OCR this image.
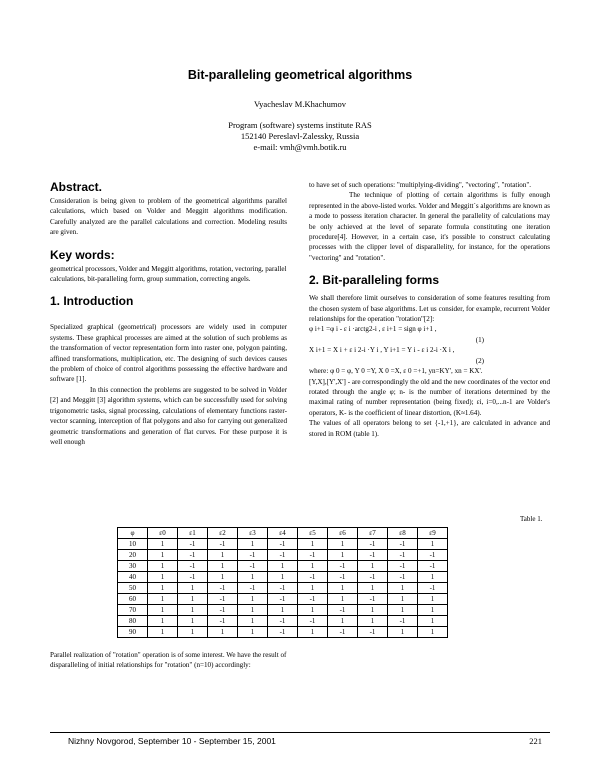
Bit-paralleling geometrical algorithms
Vyacheslav M.Khachumov
Program (software) systems institute RAS
152140 Pereslavl-Zalessky, Russia
e-mail: vmh@vmh.botik.ru
Abstract.

Consideration is being given to problem of the geometrical algorithms parallel calculations, which based on Volder and Meggitt algorithms modification. Carefully analyzed are the parallel calculations and correction. Modeling results are given.

Key words:

geometrical processors, Volder and Meggitt algorithms, rotation, vectoring, parallel calculations, bit-paralleling form, group summation, correcting angels.

1. Introduction

Specialized graphical (geometrical) processors are widely used in computer systems. These graphical processes are aimed at the solution of such problems as the transformation of vector representation form into raster one, polygon painting, affined transformations, multiplication, etc. The designing of such devices causes the problem of choice of control algorithms possessing the effective hardware and software [1].

In this connection the problems are suggested to be solved in Volder [2] and Meggitt [3] algorithm systems, which can be successfully used for solving trigonometric tasks, signal processing, calculations of elementary functions raster-vector scanning, interception of flat polygons and also for carrying out generalized geometric transformations and generation of flat curves. For these purpose it is well enough

to have set of such operations: "multiplying-dividing", "vectoring", "rotation".

The technique of plotting of certain algorithms is fully enough represented in the above-listed works. Volder and Meggitt`s algorithms are known as a mode to possess iteration character. In general the parallelity of calculations may be only achieved at the level of separate formula constituting one iteration procedure[4]. However, in a certain case, it's possible to construct calculating processes with the clipper level of disparallelity, for instance, for the operations "vectoring" and "rotation".

2. Bit-paralleling forms

We shall therefore limit ourselves to consideration of some features resulting from the chosen system of base algorithms. Let us consider, for example, recurrent Volder relationships for the operation "rotation"[2]:

φ i+1 =φ i - ε i ·arctg2-i , ε i+1 = sign φ i+1 ,
(1)
X i+1 = X i + ε i 2-i ·Y i , Y i+1 = Y i - ε i 2-i ·X i ,
(2)
where: φ 0 = φ, Y 0 =Y, X 0 =X, ε 0 =+1, yn=KY', xn = KX'.

[Y,X],[Y',X'] - are correspondingly the old and the new coordinates of the vector end rotated through the angle φ; n- is the number of iterations determined by the maximal rating of number representation (being fixed); εi, i=0,...n-1 are Volder's operators, K- is the coefficient of linear distortion, (K≈1.64).

The values of all operators belong to set {-1,+1}, are calculated in advance and stored in ROM (table 1).

Table 1.
φ	ε0	ε1	ε2	ε3	ε4	ε5	ε6	ε7	ε8	ε9
10	1	-1	-1	1	-1	1	1	-1	-1	1
20	1	-1	1	-1	-1	-1	1	-1	-1	-1
30	1	-1	1	-1	1	1	-1	1	-1	-1
40	1	-1	1	1	1	-1	-1	-1	-1	1
50	1	1	-1	-1	-1	1	1	1	1	-1
60	1	1	-1	1	-1	-1	1	-1	1	1
70	1	1	-1	1	1	1	-1	1	1	1
80	1	1	-1	1	-1	-1	1	1	-1	1
90	1	1	1	1	-1	1	-1	-1	1	1
Parallel realization of "rotation" operation is of some interest. We have the result of disparalleling of initial relationships for "rotation" (n=10) accordingly:
Nizhny Novgorod, September 10 - September 15, 2001	221
